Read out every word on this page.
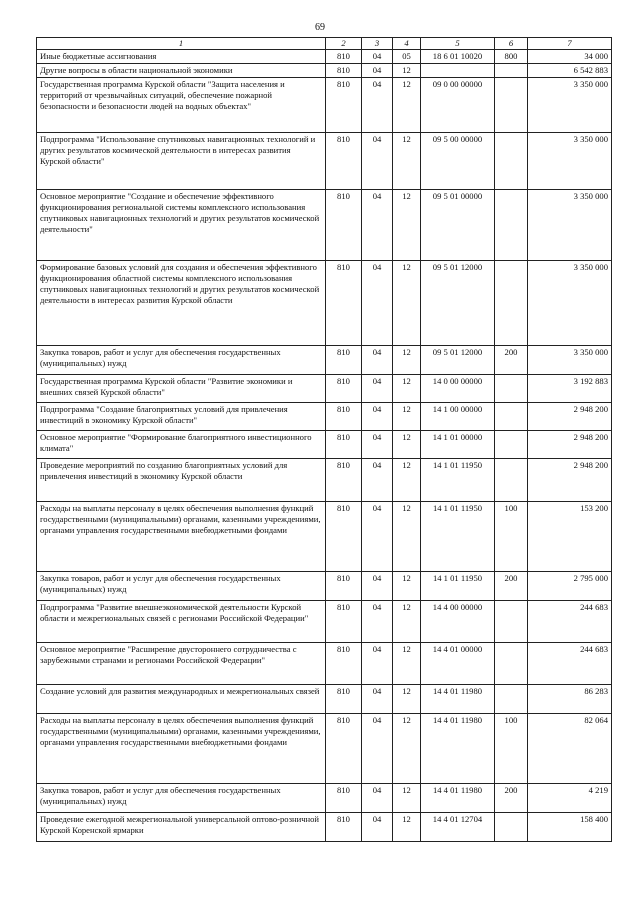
69
1	2	3	4	5	6	7
Иные бюджетные ассигнования	810	04	05	18 6 01 10020	800	34 000
Другие вопросы в области национальной экономики	810	04	12			6 542 883
Государственная программа Курской области "Защита населения и территорий от чрезвычайных ситуаций, обеспечение пожарной безопасности и безопасности людей на водных объектах"	810	04	12	09 0 00 00000		3 350 000
Подпрограмма "Использование спутниковых навигационных технологий и других результатов космической деятельности в интересах развития Курской области"	810	04	12	09 5 00 00000		3 350 000
Основное мероприятие "Создание и обеспечение эффективного функционирования региональной системы комплексного использования спутниковых навигационных технологий и других результатов космической деятельности"	810	04	12	09 5 01 00000		3 350 000
Формирование базовых условий для создания и обеспечения эффективного функционирования областной системы комплексного использования спутниковых навигационных технологий и других результатов космической деятельности в интересах развития Курской области	810	04	12	09 5 01 12000		3 350 000
Закупка товаров, работ и услуг для обеспечения государственных (муниципальных) нужд	810	04	12	09 5 01 12000	200	3 350 000
Государственная программа Курской области "Развитие экономики и внешних связей Курской области"	810	04	12	14 0 00 00000		3 192 883
Подпрограмма "Создание благоприятных условий для привлечения инвестиций в экономику Курской области"	810	04	12	14 1 00 00000		2 948 200
Основное мероприятие "Формирование благоприятного инвестиционного климата"	810	04	12	14 1 01 00000		2 948 200
Проведение мероприятий по созданию благоприятных условий для привлечения инвестиций в экономику Курской области	810	04	12	14 1 01 11950		2 948 200
Расходы на выплаты персоналу в целях обеспечения выполнения функций государственными (муниципальными) органами, казенными учреждениями, органами управления государственными внебюджетными фондами	810	04	12	14 1 01 11950	100	153 200
Закупка товаров, работ и услуг для обеспечения государственных (муниципальных) нужд	810	04	12	14 1 01 11950	200	2 795 000
Подпрограмма "Развитие внешнеэкономической деятельности Курской области и межрегиональных связей с регионами Российской Федерации"	810	04	12	14 4 00 00000		244 683
Основное мероприятие "Расширение двустороннего сотрудничества с зарубежными странами и регионами Российской Федерации"	810	04	12	14 4 01 00000		244 683
Создание условий для развития международных и межрегиональных связей	810	04	12	14 4 01 11980		86 283
Расходы на выплаты персоналу в целях обеспечения выполнения функций государственными (муниципальными) органами, казенными учреждениями, органами управления государственными внебюджетными фондами	810	04	12	14 4 01 11980	100	82 064
Закупка товаров, работ и услуг для обеспечения государственных (муниципальных) нужд	810	04	12	14 4 01 11980	200	4 219
Проведение ежегодной межрегиональной универсальной оптово-розничной Курской Коренской ярмарки	810	04	12	14 4 01 12704		158 400
